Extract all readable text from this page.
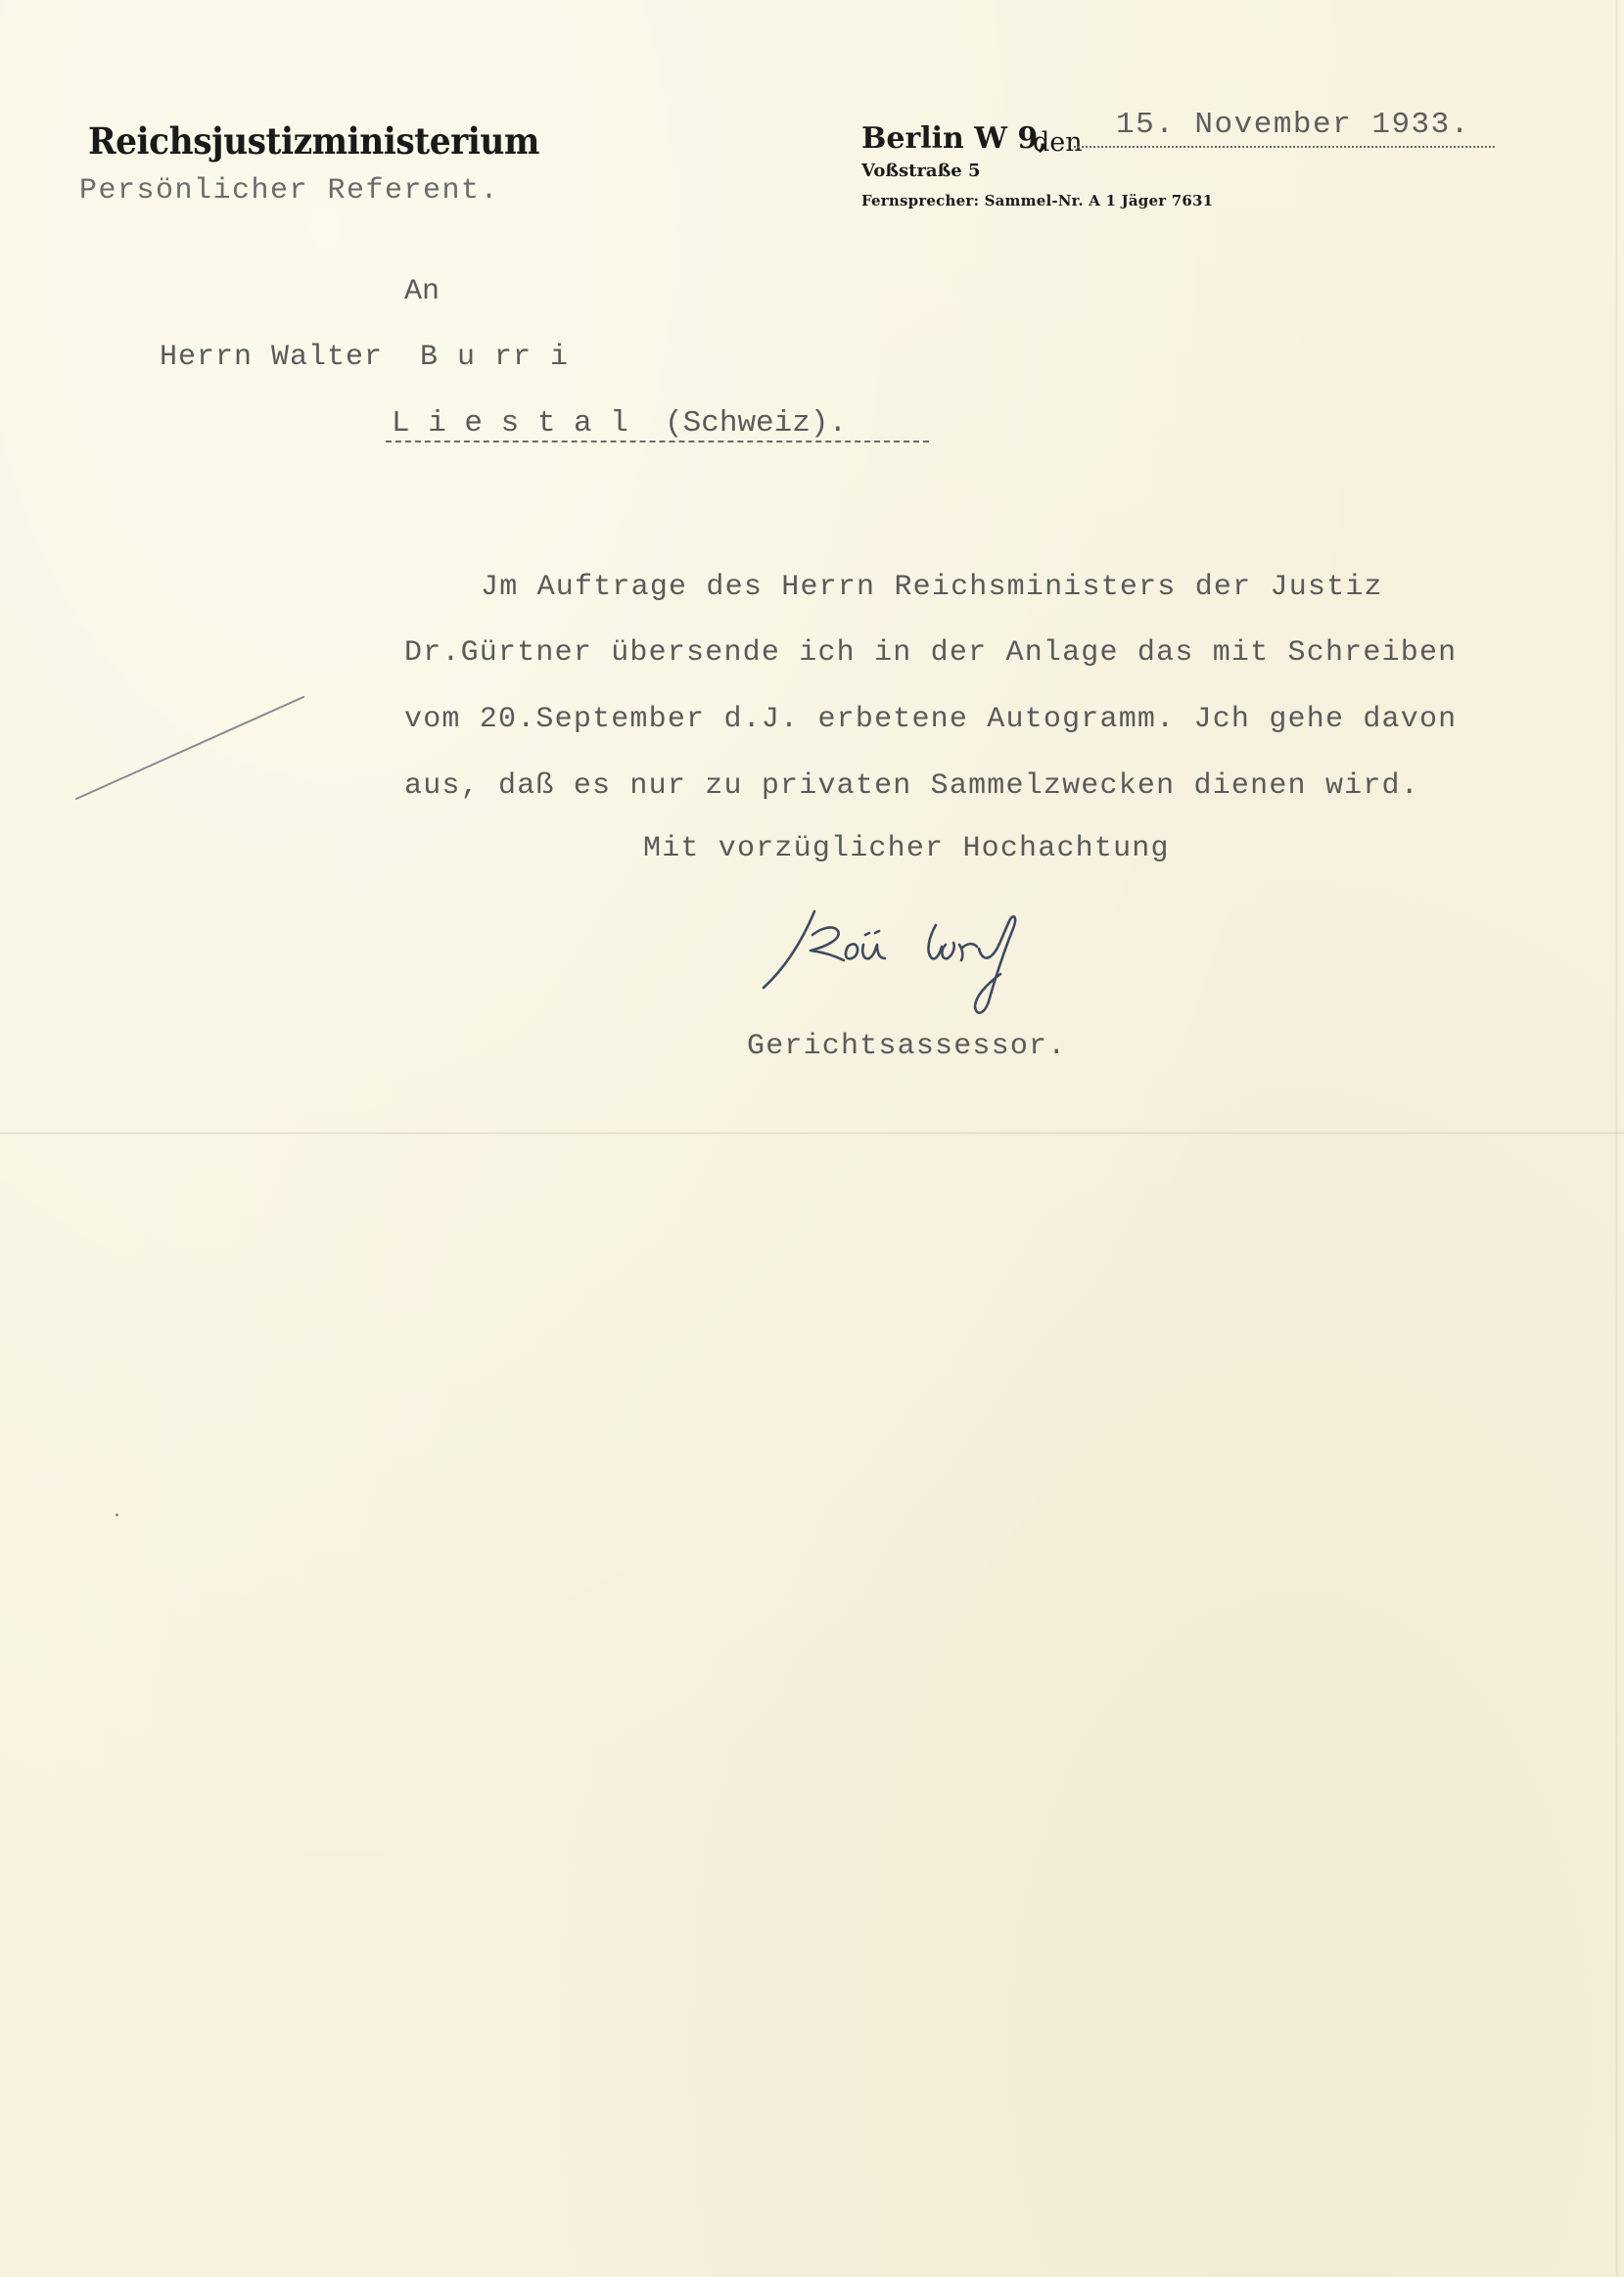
Reichsjustizministerium
Persönlicher Referent.
Berlin W 9,
den
15. November 1933.
Voßstraße 5
Fernsprecher: Sammel-Nr. A 1 Jäger 7631
An
Herrn Walter  B u rr i
L i e s t a l  (Schweiz).
Jm Auftrage des Herrn Reichsministers der Justiz
Dr.Gürtner übersende ich in der Anlage das mit Schreiben
vom 20.September d.J. erbetene Autogramm. Jch gehe davon
aus, daß es nur zu privaten Sammelzwecken dienen wird.
Mit vorzüglicher Hochachtung
Gerichtsassessor.
